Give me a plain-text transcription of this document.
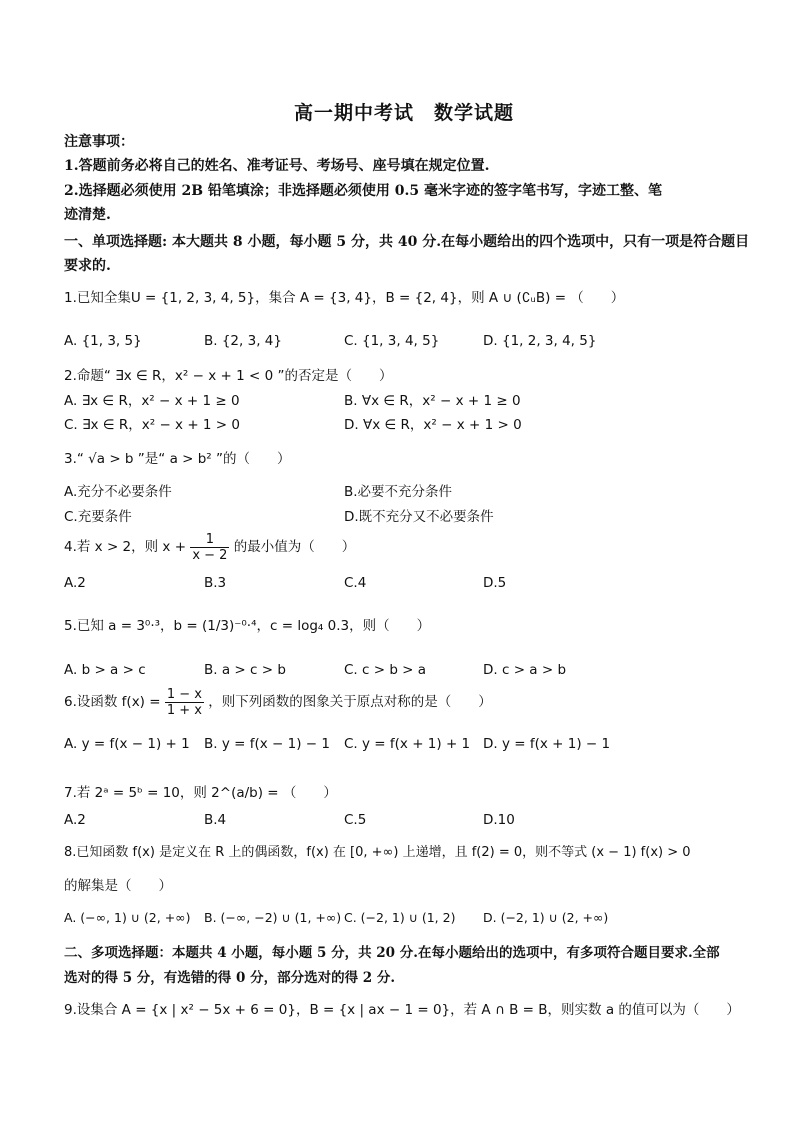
高一期中考试　数学试题
注意事项：
1.答题前务必将自己的姓名、准考证号、考场号、座号填在规定位置.
2.选择题必须使用 2B 铅笔填涂；非选择题必须使用 0.5 毫米字迹的签字笔书写，字迹工整、笔
迹清楚.
一、单项选择题: 本大题共 8 小题，每小题 5 分，共 40 分.在每小题给出的四个选项中，只有一项是符合题目
要求的.
1.已知全集U = {1, 2, 3, 4, 5}，集合 A = {3, 4}，B = {2, 4}，则 A ∪ (∁ᵤB) = （　　）
A. {1, 3, 5}	B. {2, 3, 4}	C. {1, 3, 4, 5}	D. {1, 2, 3, 4, 5}
2.命题“ ∃x ∈ R，x² − x + 1 < 0 ”的否定是（　　）
A. ∃x ∈ R，x² − x + 1 ≥ 0	B. ∀x ∈ R，x² − x + 1 ≥ 0
C. ∃x ∈ R，x² − x + 1 > 0	D. ∀x ∈ R，x² − x + 1 > 0
3.“ √a > b ”是“ a > b² ”的（　　）
A.充分不必要条件	B.必要不充分条件
C.充要条件	D.既不充分又不必要条件
4.若 x > 2，则 $x + \frac{1}{x - 2}$ 的最小值为（　　）
A.2	B.3	C.4	D.5
5.已知 a = 3⁰·³，b = (1/3)⁻⁰·⁴，c = log₄ 0.3，则（　　）
A. b > a > c	B. a > c > b	C. c > b > a	D. c > a > b
6.设函数 $f(x) = \frac{1 - x}{1 + x}$ ，则下列函数的图象关于原点对称的是（　　）
A. y = f(x − 1) + 1 B. y = f(x − 1) − 1 C. y = f(x + 1) + 1 D. y = f(x + 1) − 1
7.若 2ᵃ = 5ᵇ = 10，则 2^(a/b) = （　　）
A.2	B.4	C.5	D.10
8.已知函数 f(x) 是定义在 R 上的偶函数，f(x) 在 [0, +∞) 上递增，且 f(2) = 0，则不等式 (x − 1) f(x) > 0
的解集是（　　）
A. (−∞, 1) ∪ (2, +∞) B. (−∞, −2) ∪ (1, +∞) C. (−2, 1) ∪ (1, 2) D. (−2, 1) ∪ (2, +∞)
二、多项选择题：本题共 4 小题，每小题 5 分，共 20 分.在每小题给出的选项中，有多项符合题目要求.全部
选对的得 5 分，有选错的得 0 分，部分选对的得 2 分.
9.设集合 A = {x | x² − 5x + 6 = 0}，B = {x | ax − 1 = 0}，若 A ∩ B = B，则实数 a 的值可以为（　　）
